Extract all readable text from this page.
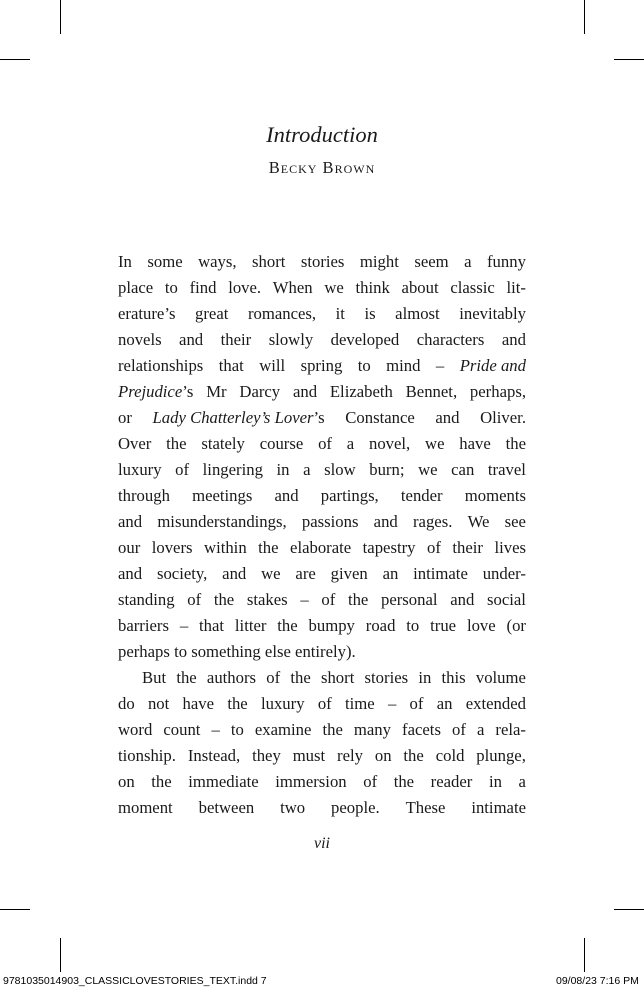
Introduction
Becky Brown
In some ways, short stories might seem a funny
place to find love. When we think about classic lit-
erature’s great romances, it is almost inevitably
novels and their slowly developed characters and
relationships that will spring to mind – Pride and
Prejudice’s Mr Darcy and Elizabeth Bennet, perhaps,
or Lady Chatterley’s Lover’s Constance and Oliver.
Over the stately course of a novel, we have the
luxury of lingering in a slow burn; we can travel
through meetings and partings, tender moments
and misunderstandings, passions and rages. We see
our lovers within the elaborate tapestry of their lives
and society, and we are given an intimate under-
standing of the stakes – of the personal and social
barriers – that litter the bumpy road to true love (or
perhaps to something else entirely).
But the authors of the short stories in this volume
do not have the luxury of time – of an extended
word count – to examine the many facets of a rela-
tionship. Instead, they must rely on the cold plunge,
on the immediate immersion of the reader in a
moment between two people. These intimate
vii
9781035014903_CLASSICLOVESTORIES_TEXT.indd 7	09/08/23 7:16 PM
